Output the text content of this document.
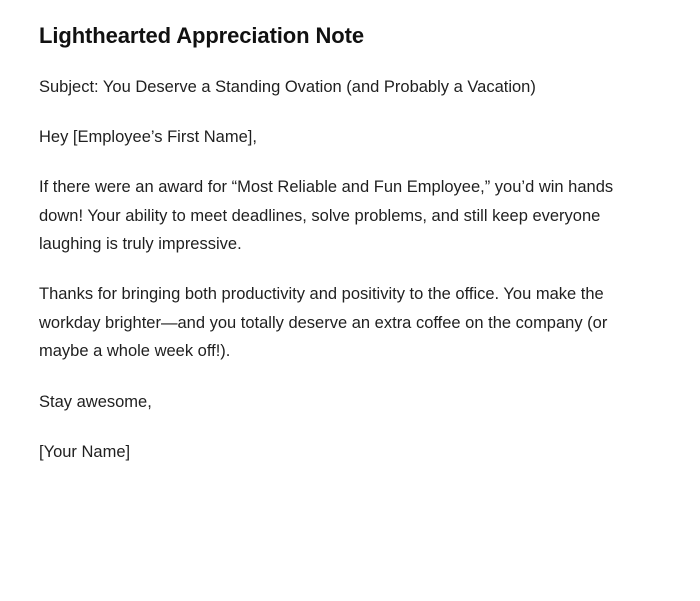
Lighthearted Appreciation Note

Subject: You Deserve a Standing Ovation (and Probably a Vacation)

Hey [Employee’s First Name],

If there were an award for “Most Reliable and Fun Employee,” you’d win hands down! Your ability to meet deadlines, solve problems, and still keep everyone laughing is truly impressive.

Thanks for bringing both productivity and positivity to the office. You make the workday brighter—and you totally deserve an extra coffee on the company (or maybe a whole week off!).

Stay awesome,

[Your Name]
